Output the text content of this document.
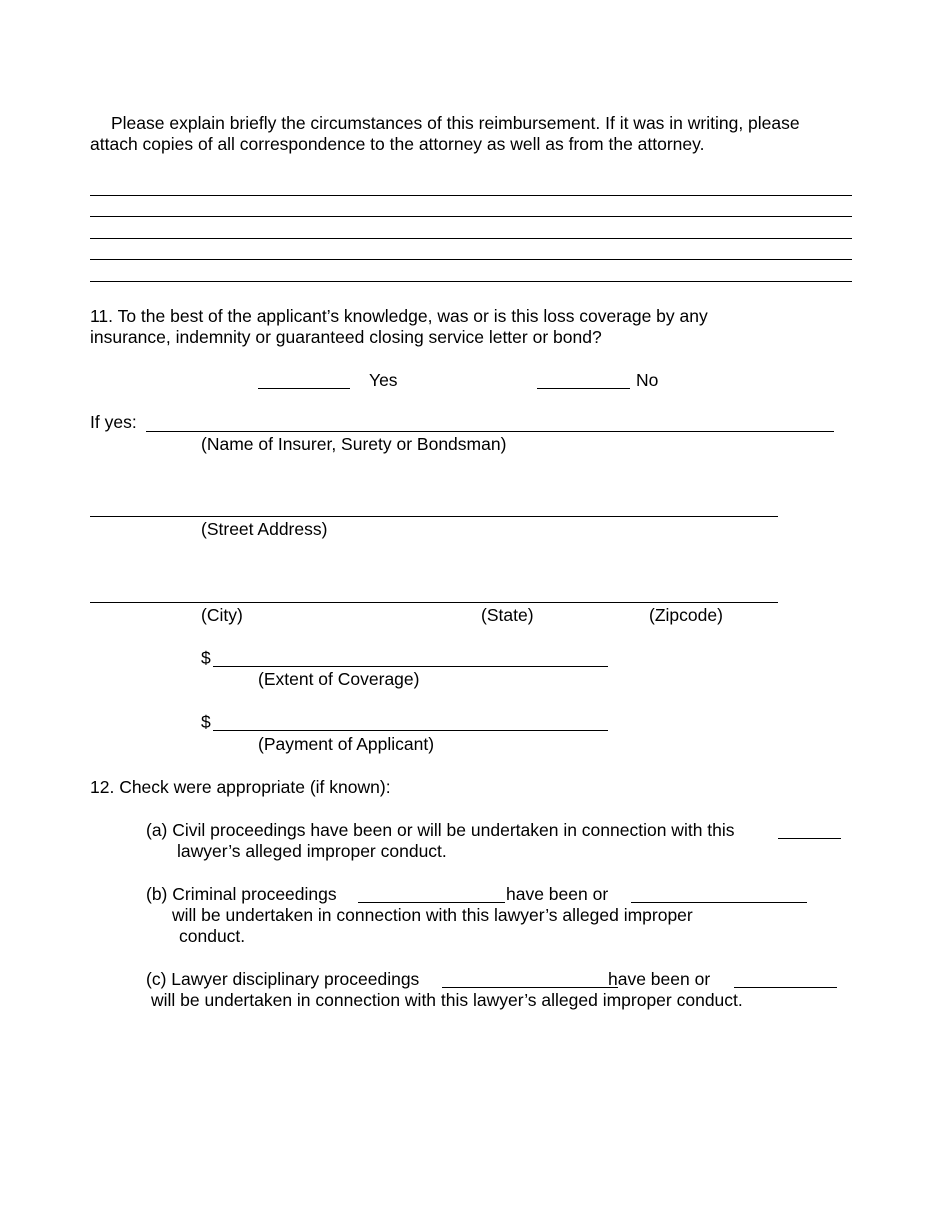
Please explain briefly the circumstances of this reimbursement. If it was in writing, please
attach copies of all correspondence to the attorney as well as from the attorney.
11. To the best of the applicant’s knowledge, was or is this loss coverage by any
insurance, indemnity or guaranteed closing service letter or bond?
Yes	No
If yes:
(Name of Insurer, Surety or Bondsman)
(Street Address)
(City)	(State)	(Zipcode)
$
(Extent of Coverage)
$
(Payment of Applicant)
12. Check were appropriate (if known):
(a) Civil proceedings have been or will be undertaken in connection with this
lawyer’s alleged improper conduct.
(b) Criminal proceedings	have been or
will be undertaken in connection with this lawyer’s alleged improper
conduct.
(c) Lawyer disciplinary proceedings	have been or
will be undertaken in connection with this lawyer’s alleged improper conduct.
